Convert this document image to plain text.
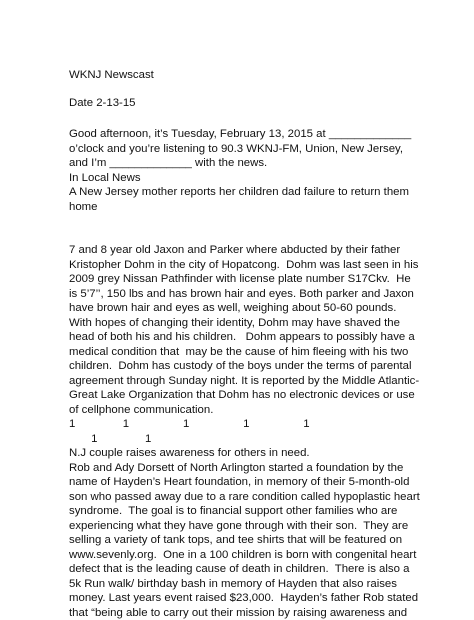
WKNJ Newscast
Date 2-13-15
Good afternoon, it’s Tuesday, February 13, 2015 at _____________
o’clock and you’re listening to 90.3 WKNJ-FM, Union, New Jersey,
and I’m _____________ with the news.
In Local News
A New Jersey mother reports her children dad failure to return them
home
7 and 8 year old Jaxon and Parker where abducted by their father
Kristopher Dohm in the city of Hopatcong.  Dohm was last seen in his
2009 grey Nissan Pathfinder with license plate number S17Ckv.  He
is 5’7’’, 150 lbs and has brown hair and eyes. Both parker and Jaxon
have brown hair and eyes as well, weighing about 50-60 pounds.
With hopes of changing their identity, Dohm may have shaved the
head of both his and his children.   Dohm appears to possibly have a
medical condition that  may be the cause of him fleeing with his two
children.  Dohm has custody of the boys under the terms of parental
agreement through Sunday night. It is reported by the Middle Atlantic-
Great Lake Organization that Dohm has no electronic devices or use
of cellphone communication.
1               1                 1                 1                 1
1               1
N.J couple raises awareness for others in need.
Rob and Ady Dorsett of North Arlington started a foundation by the
name of Hayden’s Heart foundation, in memory of their 5-month-old
son who passed away due to a rare condition called hypoplastic heart
syndrome.  The goal is to financial support other families who are
experiencing what they have gone through with their son.  They are
selling a variety of tank tops, and tee shirts that will be featured on
www.sevenly.org.  One in a 100 children is born with congenital heart
defect that is the leading cause of death in children.  There is also a
5k Run walk/ birthday bash in memory of Hayden that also raises
money. Last years event raised $23,000.  Hayden’s father Rob stated
that “being able to carry out their mission by raising awareness and
